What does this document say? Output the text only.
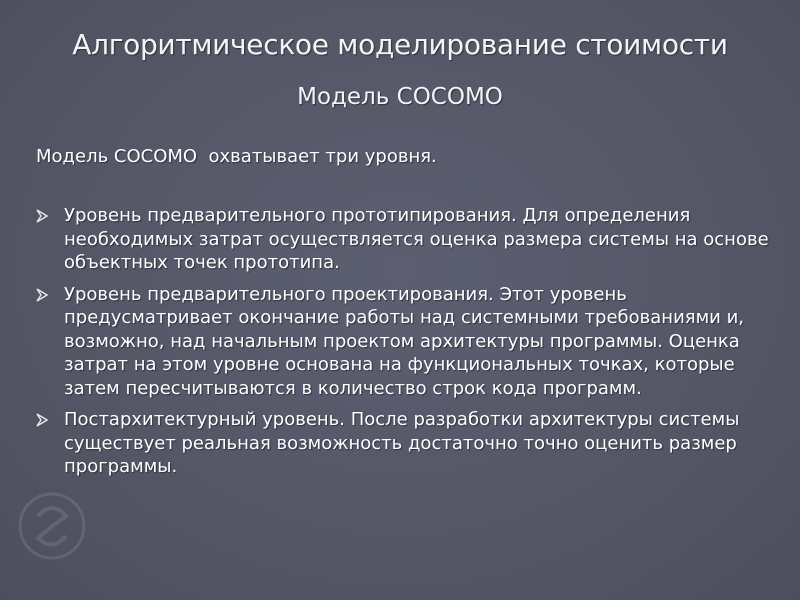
Алгоритмическое моделирование стоимости
Модель COCOMO
Модель COCOMO  охватывает три уровня.
Уровень предварительного прототипирования. Для определения необходимых затрат осуществляется оценка размера системы на основе объектных точек прототипа.
Уровень предварительного проектирования. Этот уровень предусматривает окончание работы над системными требованиями и, возможно, над начальным проектом архитектуры программы. Оценка затрат на этом уровне основана на функциональных точках, которые затем пересчитываются в количество строк кода программ.
Постархитектурный уровень. После разработки архитектуры системы существует реальная возможность достаточно точно оценить размер программы.
